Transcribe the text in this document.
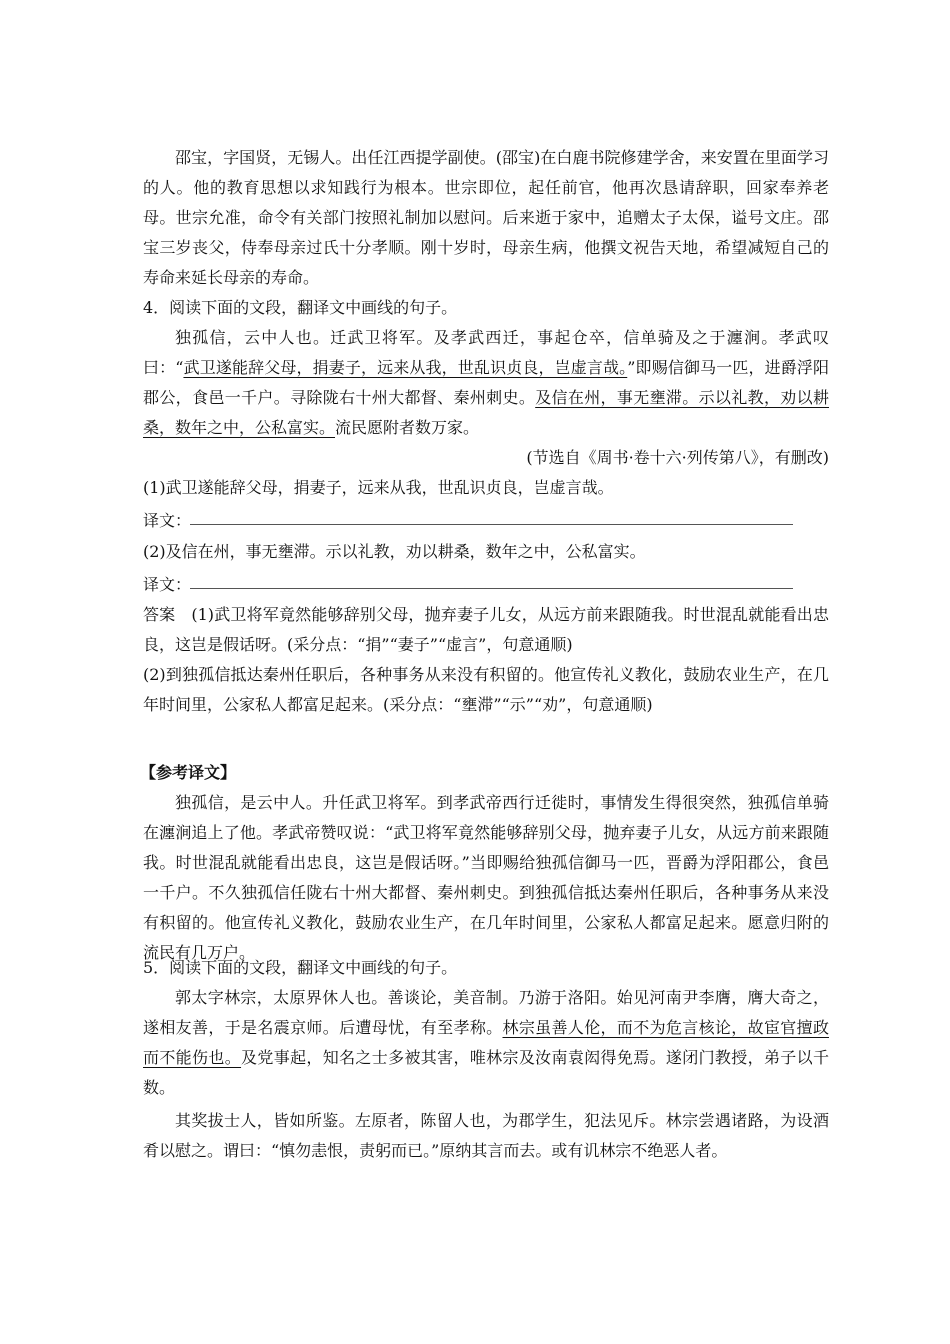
邵宝，字国贤，无锡人。出任江西提学副使。(邵宝)在白鹿书院修建学舍，来安置在里面学习的人。他的教育思想以求知践行为根本。世宗即位，起任前官，他再次恳请辞职，回家奉养老母。世宗允准，命令有关部门按照礼制加以慰问。后来逝于家中，追赠太子太保，谥号文庄。邵宝三岁丧父，侍奉母亲过氏十分孝顺。刚十岁时，母亲生病，他撰文祝告天地，希望减短自己的寿命来延长母亲的寿命。

4．阅读下面的文段，翻译文中画线的句子。

独孤信，云中人也。迁武卫将军。及孝武西迁，事起仓卒，信单骑及之于瀍涧。孝武叹曰：“武卫遂能辞父母，捐妻子，远来从我，世乱识贞良，岂虚言哉。”即赐信御马一匹，进爵浮阳郡公，食邑一千户。寻除陇右十州大都督、秦州刺史。及信在州，事无壅滞。示以礼教，劝以耕桑，数年之中，公私富实。流民愿附者数万家。

(节选自《周书·卷十六·列传第八》，有删改)

(1)武卫遂能辞父母，捐妻子，远来从我，世乱识贞良，岂虚言哉。

译文：

(2)及信在州，事无壅滞。示以礼教，劝以耕桑，数年之中，公私富实。

译文：

答案 (1)武卫将军竟然能够辞别父母，抛弃妻子儿女，从远方前来跟随我。时世混乱就能看出忠良，这岂是假话呀。(采分点：“捐”“妻子”“虚言”，句意通顺)

(2)到独孤信抵达秦州任职后，各种事务从来没有积留的。他宣传礼义教化，鼓励农业生产，在几年时间里，公家私人都富足起来。(采分点：“壅滞”“示”“劝”，句意通顺)

【参考译文】

独孤信，是云中人。升任武卫将军。到孝武帝西行迁徙时，事情发生得很突然，独孤信单骑在瀍涧追上了他。孝武帝赞叹说：“武卫将军竟然能够辞别父母，抛弃妻子儿女，从远方前来跟随我。时世混乱就能看出忠良，这岂是假话呀。”当即赐给独孤信御马一匹，晋爵为浮阳郡公，食邑一千户。不久独孤信任陇右十州大都督、秦州刺史。到独孤信抵达秦州任职后，各种事务从来没有积留的。他宣传礼义教化，鼓励农业生产，在几年时间里，公家私人都富足起来。愿意归附的流民有几万户。

5．阅读下面的文段，翻译文中画线的句子。

郭太字林宗，太原界休人也。善谈论，美音制。乃游于洛阳。始见河南尹李膺，膺大奇之，遂相友善，于是名震京师。后遭母忧，有至孝称。林宗虽善人伦，而不为危言核论，故宦官擅政而不能伤也。及党事起，知名之士多被其害，唯林宗及汝南袁闳得免焉。遂闭门教授，弟子以千数。

其奖拔士人，皆如所鉴。左原者，陈留人也，为郡学生，犯法见斥。林宗尝遇诸路，为设酒肴以慰之。谓曰：“慎勿恚恨，责躬而已。”原纳其言而去。或有讥林宗不绝恶人者。
